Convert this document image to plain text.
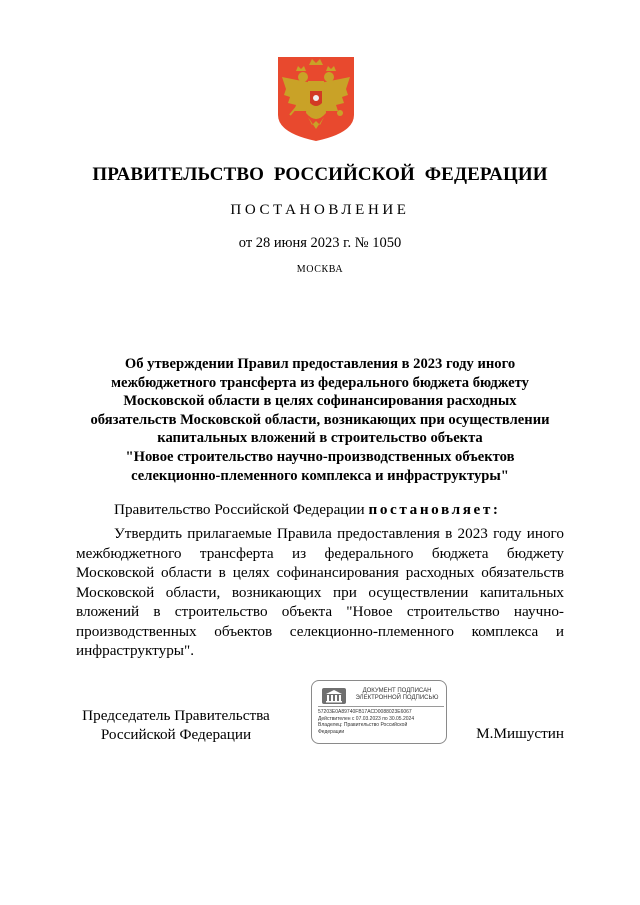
ПРАВИТЕЛЬСТВО РОССИЙСКОЙ ФЕДЕРАЦИИ
ПОСТАНОВЛЕНИЕ
от 28 июня 2023 г. № 1050
МОСКВА
Об утверждении Правил предоставления в 2023 году иного
межбюджетного трансферта из федерального бюджета бюджету
Московской области в целях софинансирования расходных
обязательств Московской области, возникающих при осуществлении
капитальных вложений в строительство объекта
"Новое строительство научно-производственных объектов
селекционно-племенного комплекса и инфраструктуры"
Правительство Российской Федерации постановляет:
Утвердить прилагаемые Правила предоставления в 2023 году иного межбюджетного трансферта из федерального бюджета бюджету Московской области в целях софинансирования расходных обязательств Московской области, возникающих при осуществлении капитальных вложений в строительство объекта "Новое строительство научно-производственных объектов селекционно-племенного комплекса и инфраструктуры".
Председатель Правительства
Российской Федерации
ДОКУМЕНТ ПОДПИСАН
ЭЛЕКТРОННОЙ ПОДПИСЬЮ
57203E0A89740FB17ACD0088023E6067
Действителен с 07.03.2023 по 30.05.2024
Владелец: Правительство Российской
Федерации	М.Мишустин
